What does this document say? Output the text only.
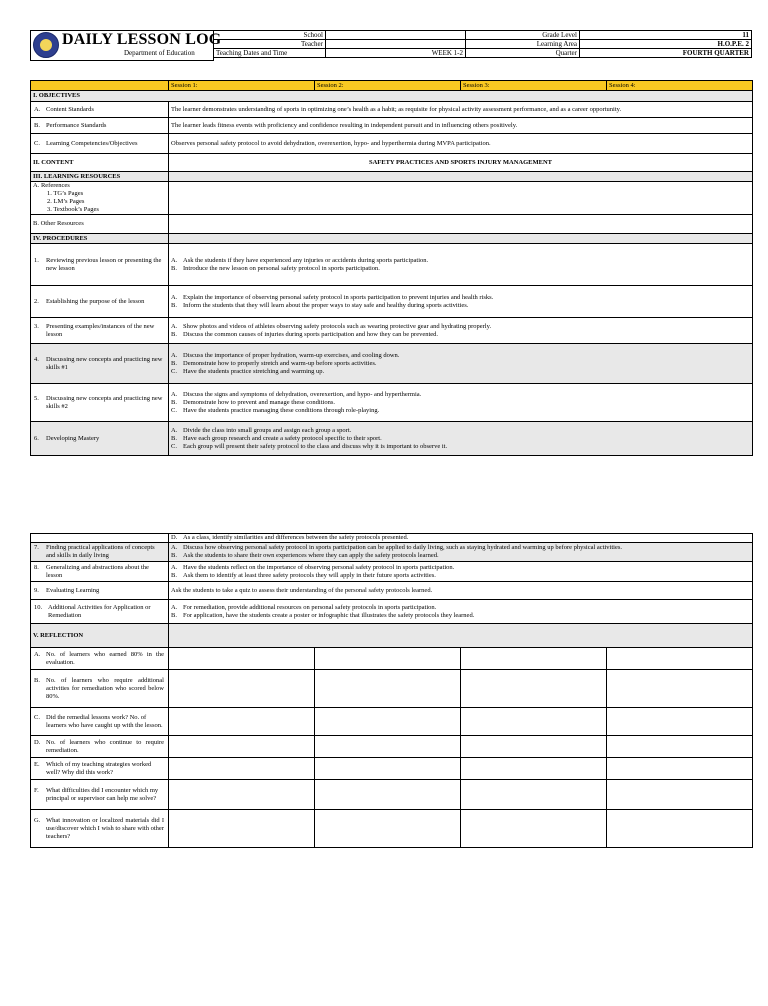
DAILY LESSON LOG
Department of Education
School		Grade Level	11
Teacher		Learning Area	H.O.P.E. 2
Teaching Dates and Time	WEEK 1-2	Quarter	FOURTH QUARTER
	Session 1:	Session 2:	Session 3:	Session 4:
I. OBJECTIVES				
A. Content Standards	The learner demonstrates understanding of sports in optimizing one’s health as a habit; as requisite for physical activity assessment performance, and as a career opportunity.			
B. Performance Standards	The learner leads fitness events with proficiency and confidence resulting in independent pursuit and in influencing others positively.			
C. Learning Competencies/Objectives	Observes personal safety protocol to avoid dehydration, overexertion, hypo- and hyperthermia during MVPA participation.			
II. CONTENT	SAFETY PRACTICES AND SPORTS INJURY MANAGEMENT			
III. LEARNING RESOURCES				

A. References
1. TG’s Pages
2. LM’s Pages
3. Textbook’s Pages				

B. Other Resources				
IV. PROCEDURES				
1. Reviewing previous lesson or presenting the new lesson	A. Ask the students if they have experienced any injuries or accidents during sports participation.
B. Introduce the new lesson on personal safety protocol in sports participation.			

2. Establishing the purpose of the lesson	A. Explain the importance of observing personal safety protocol in sports participation to prevent injuries and health risks.
B. Inform the students that they will learn about the proper ways to stay safe and healthy during sports activities.			

3. Presenting examples/instances of the new lesson	A. Show photos and videos of athletes observing safety protocols such as wearing protective gear and hydrating properly.
B. Discuss the common causes of injuries during sports participation and how they can be prevented.			

4. Discussing new concepts and practicing new skills #1	A. Discuss the importance of proper hydration, warm-up exercises, and cooling down.
B. Demonstrate how to properly stretch and warm-up before sports activities.
C. Have the students practice stretching and warming up.			

5. Discussing new concepts and practicing new skills #2	A. Discuss the signs and symptoms of dehydration, overexertion, and hypo- and hyperthermia.
B. Demonstrate how to prevent and manage these conditions.
C. Have the students practice managing these conditions through role-playing.			

6. Developing Mastery	A. Divide the class into small groups and assign each group a sport.
B. Have each group research and create a safety protocol specific to their sport.
C. Each group will present their safety protocol to the class and discuss why it is important to observe it.			

	D. As a class, identify similarities and differences between the safety protocols presented.			

7. Finding practical applications of concepts and skills in daily living	A. Discuss how observing personal safety protocol in sports participation can be applied to daily living, such as staying hydrated and warming up before physical activities.
B. Ask the students to share their own experiences where they can apply the safety protocols learned.			

8. Generalizing and abstractions about the lesson	A. Have the students reflect on the importance of observing personal safety protocol in sports participation.
B. Ask them to identify at least three safety protocols they will apply in their future sports activities.			

9. Evaluating Learning	Ask the students to take a quiz to assess their understanding of the personal safety protocols learned.			
10. Additional Activities for Application or Remediation	A. For remediation, provide additional resources on personal safety protocols in sports participation.
B. For application, have the students create a poster or infographic that illustrates the safety protocols they learned.			

V. REFLECTION				
A. No. of learners who earned 80% in the evaluation.				
B. No. of learners who require additional activities for remediation who scored below 80%.				
C. Did the remedial lessons work? No. of learners who have caught up with the lesson.				
D. No. of learners who continue to require remediation.				
E. Which of my teaching strategies worked well? Why did this work?				
F. What difficulties did I encounter which my principal or supervisor can help me solve?				
G. What innovation or localized materials did I use/discover which I wish to share with other teachers?				
